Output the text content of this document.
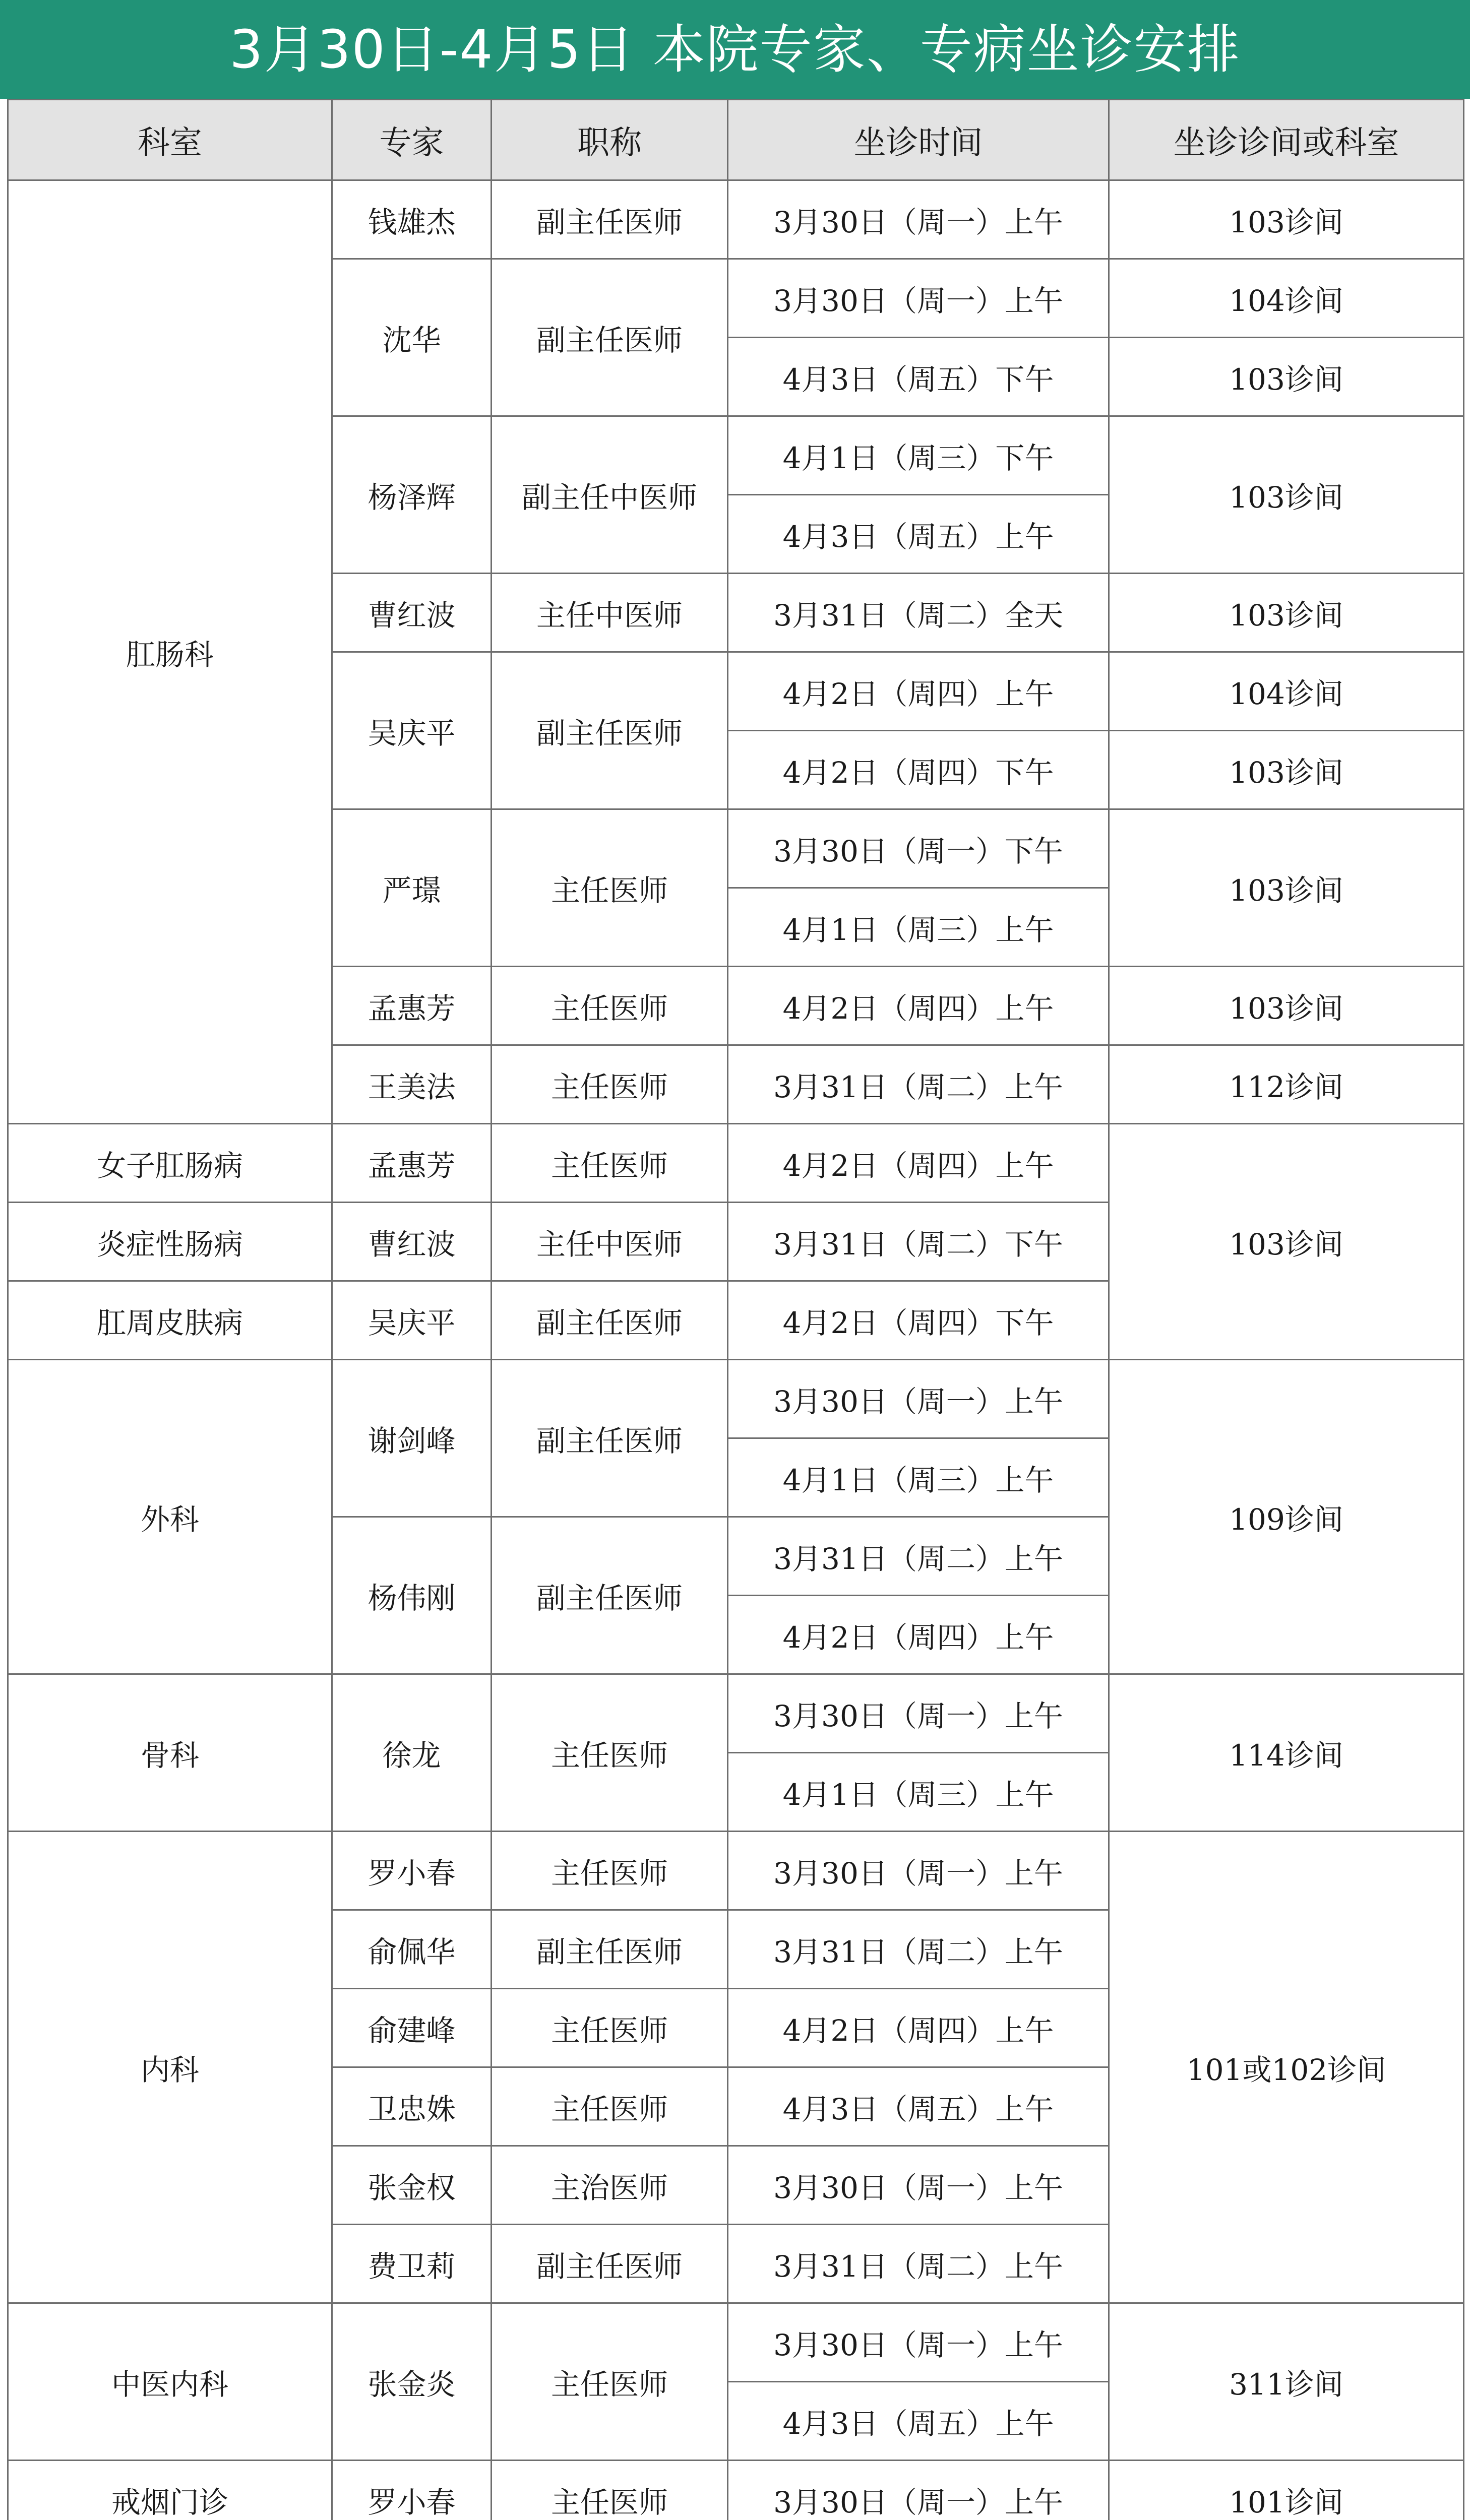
3月30日-4月5日 本院专家、专病坐诊安排
科室	专家	职称	坐诊时间	坐诊诊间或科室
肛肠科	钱雄杰	副主任医师	3月30日（周一）上午	103诊间
	沈华	副主任医师	3月30日（周一）上午	104诊间
			4月3日（周五）下午	103诊间
	杨泽辉	副主任中医师	4月1日（周三）下午	103诊间
			4月3日（周五）上午	
	曹红波	主任中医师	3月31日（周二）全天	103诊间
	吴庆平	副主任医师	4月2日（周四）上午	104诊间
			4月2日（周四）下午	103诊间
	严璟	主任医师	3月30日（周一）下午	103诊间
			4月1日（周三）上午	
	孟惠芳	主任医师	4月2日（周四）上午	103诊间
	王美法	主任医师	3月31日（周二）上午	112诊间
女子肛肠病	孟惠芳	主任医师	4月2日（周四）上午	103诊间
炎症性肠病	曹红波	主任中医师	3月31日（周二）下午	
肛周皮肤病	吴庆平	副主任医师	4月2日（周四）下午	
外科	谢剑峰	副主任医师	3月30日（周一）上午	109诊间
			4月1日（周三）上午	
	杨伟刚	副主任医师	3月31日（周二）上午	
			4月2日（周四）上午	
骨科	徐龙	主任医师	3月30日（周一）上午	114诊间
			4月1日（周三）上午	
内科	罗小春	主任医师	3月30日（周一）上午	101或102诊间
	俞佩华	副主任医师	3月31日（周二）上午	
	俞建峰	主任医师	4月2日（周四）上午	
	卫忠姝	主任医师	4月3日（周五）上午	
	张金权	主治医师	3月30日（周一）上午	
	费卫莉	副主任医师	3月31日（周二）上午	
中医内科	张金炎	主任医师	3月30日（周一）上午	311诊间
			4月3日（周五）上午	
戒烟门诊	罗小春	主任医师	3月30日（周一）上午	101诊间
